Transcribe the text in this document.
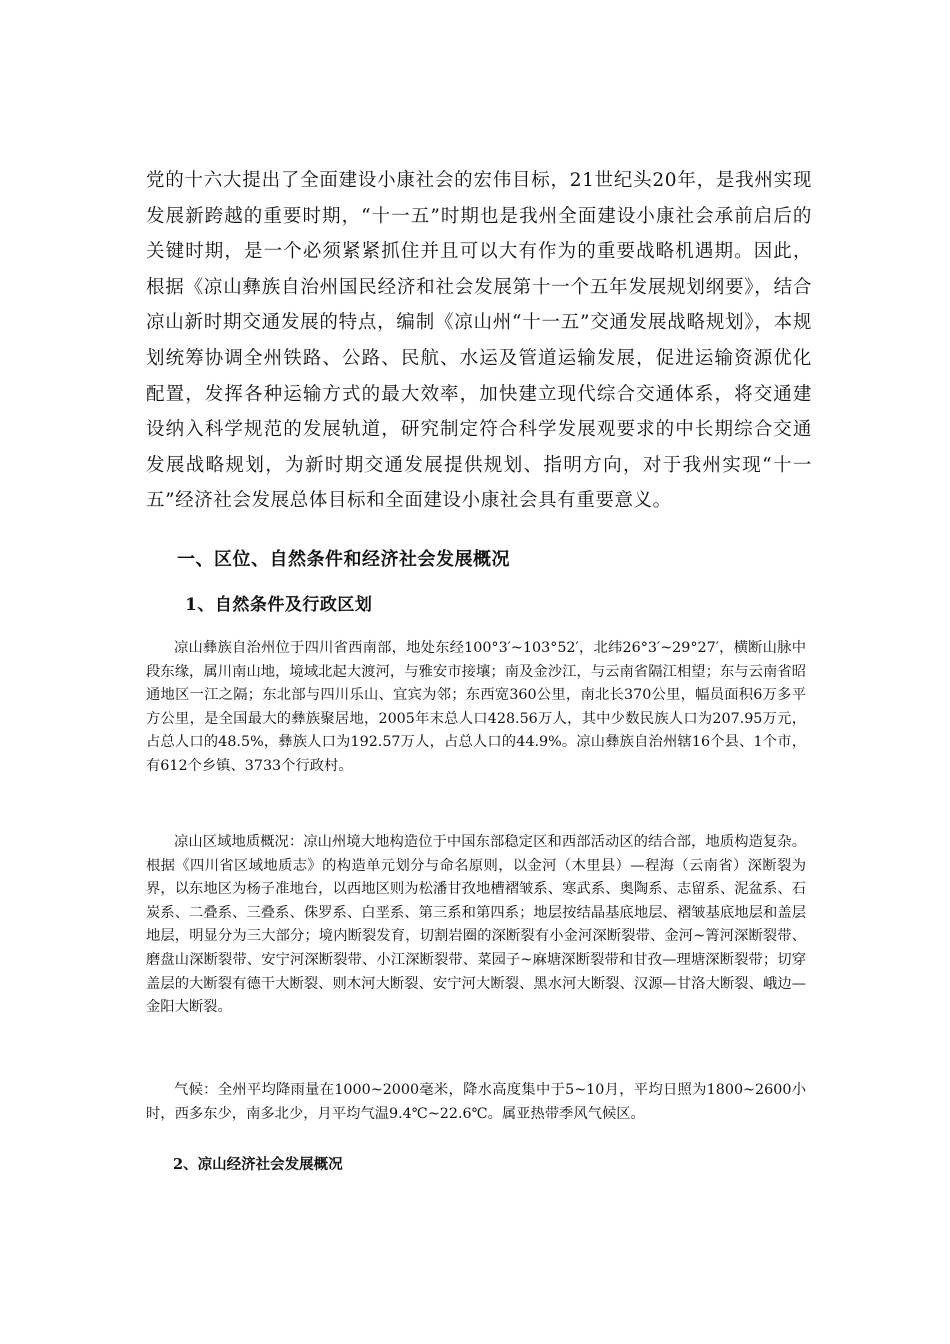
党的十六大提出了全面建设小康社会的宏伟目标，21世纪头20年，是我州实现发展新跨越的重要时期，“十一五”时期也是我州全面建设小康社会承前启后的关键时期，是一个必须紧紧抓住并且可以大有作为的重要战略机遇期。因此，根据《凉山彝族自治州国民经济和社会发展第十一个五年发展规划纲要》，结合凉山新时期交通发展的特点，编制《凉山州“十一五”交通发展战略规划》，本规划统筹协调全州铁路、公路、民航、水运及管道运输发展，促进运输资源优化配置，发挥各种运输方式的最大效率，加快建立现代综合交通体系，将交通建设纳入科学规范的发展轨道，研究制定符合科学发展观要求的中长期综合交通发展战略规划，为新时期交通发展提供规划、指明方向，对于我州实现“十一五”经济社会发展总体目标和全面建设小康社会具有重要意义。

一、区位、自然条件和经济社会发展概况
1、自然条件及行政区划

凉山彝族自治州位于四川省西南部，地处东经100°3′~103°52′，北纬26°3′~29°27′，横断山脉中段东缘，属川南山地，境域北起大渡河，与雅安市接壤；南及金沙江，与云南省隔江相望；东与云南省昭通地区一江之隔；东北部与四川乐山、宜宾为邻；东西宽360公里，南北长370公里，幅员面积6万多平方公里，是全国最大的彝族聚居地，2005年末总人口428.56万人，其中少数民族人口为207.95万元，占总人口的48.5%，彝族人口为192.57万人，占总人口的44.9%。凉山彝族自治州辖16个县、1个市，有612个乡镇、3733个行政村。

凉山区域地质概况：凉山州境大地构造位于中国东部稳定区和西部活动区的结合部，地质构造复杂。根据《四川省区域地质志》的构造单元划分与命名原则，以金河（木里县）—程海（云南省）深断裂为界，以东地区为杨子准地台，以西地区则为松潘甘孜地槽褶皱系、寒武系、奥陶系、志留系、泥盆系、石炭系、二叠系、三叠系、侏罗系、白垩系、第三系和第四系；地层按结晶基底地层、褶皱基底地层和盖层地层，明显分为三大部分；境内断裂发育，切割岩圈的深断裂有小金河深断裂带、金河~箐河深断裂带、磨盘山深断裂带、安宁河深断裂带、小江深断裂带、菜园子~麻塘深断裂带和甘孜—理塘深断裂带；切穿盖层的大断裂有德干大断裂、则木河大断裂、安宁河大断裂、黑水河大断裂、汉源—甘洛大断裂、峨边—金阳大断裂。

气候：全州平均降雨量在1000~2000毫米，降水高度集中于5~10月，平均日照为1800~2600小时，西多东少，南多北少，月平均气温9.4℃~22.6℃。属亚热带季风气候区。

2、凉山经济社会发展概况
